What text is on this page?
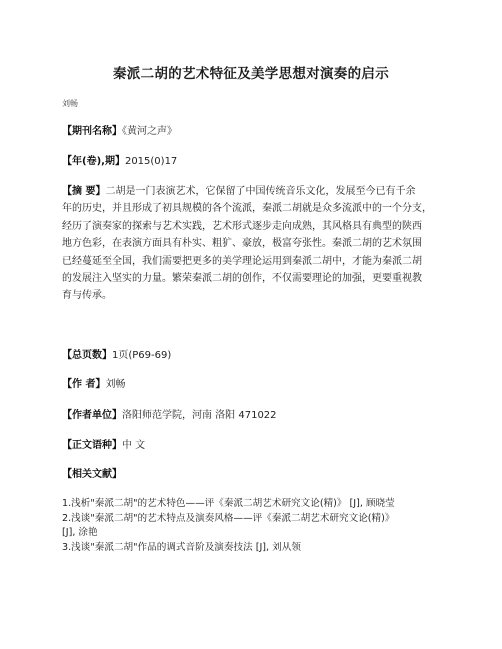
秦派二胡的艺术特征及美学思想对演奏的启示
刘畅
【期刊名称】《黄河之声》
【年(卷),期】2015(0)17

【摘 要】二胡是一门表演艺术，它保留了中国传统音乐文化，发展至今已有千余

年的历史，并且形成了初具规模的各个流派，秦派二胡就是众多流派中的一个分支，

经历了演奏家的探索与艺术实践，艺术形式逐步走向成熟，其风格具有典型的陕西

地方色彩，在表演方面具有朴实、粗犷、豪放，极富夸张性。秦派二胡的艺术氛围

已经蔓延至全国，我们需要把更多的美学理论运用到秦派二胡中，才能为秦派二胡

的发展注入坚实的力量。繁荣秦派二胡的创作，不仅需要理论的加强，更要重视教

育与传承。

【总页数】1页(P69-69)
【作 者】刘畅
【作者单位】洛阳师范学院，河南 洛阳 471022
【正文语种】中 文
【相关文献】

1.浅析"秦派二胡"的艺术特色——评《秦派二胡艺术研究文论(精)》 [J], 顾晓莹

2.浅谈"秦派二胡"的艺术特点及演奏风格——评《秦派二胡艺术研究文论(精)》

[J], 涂艳

3.浅谈"秦派二胡"作品的调式音阶及演奏技法 [J], 刘从领
